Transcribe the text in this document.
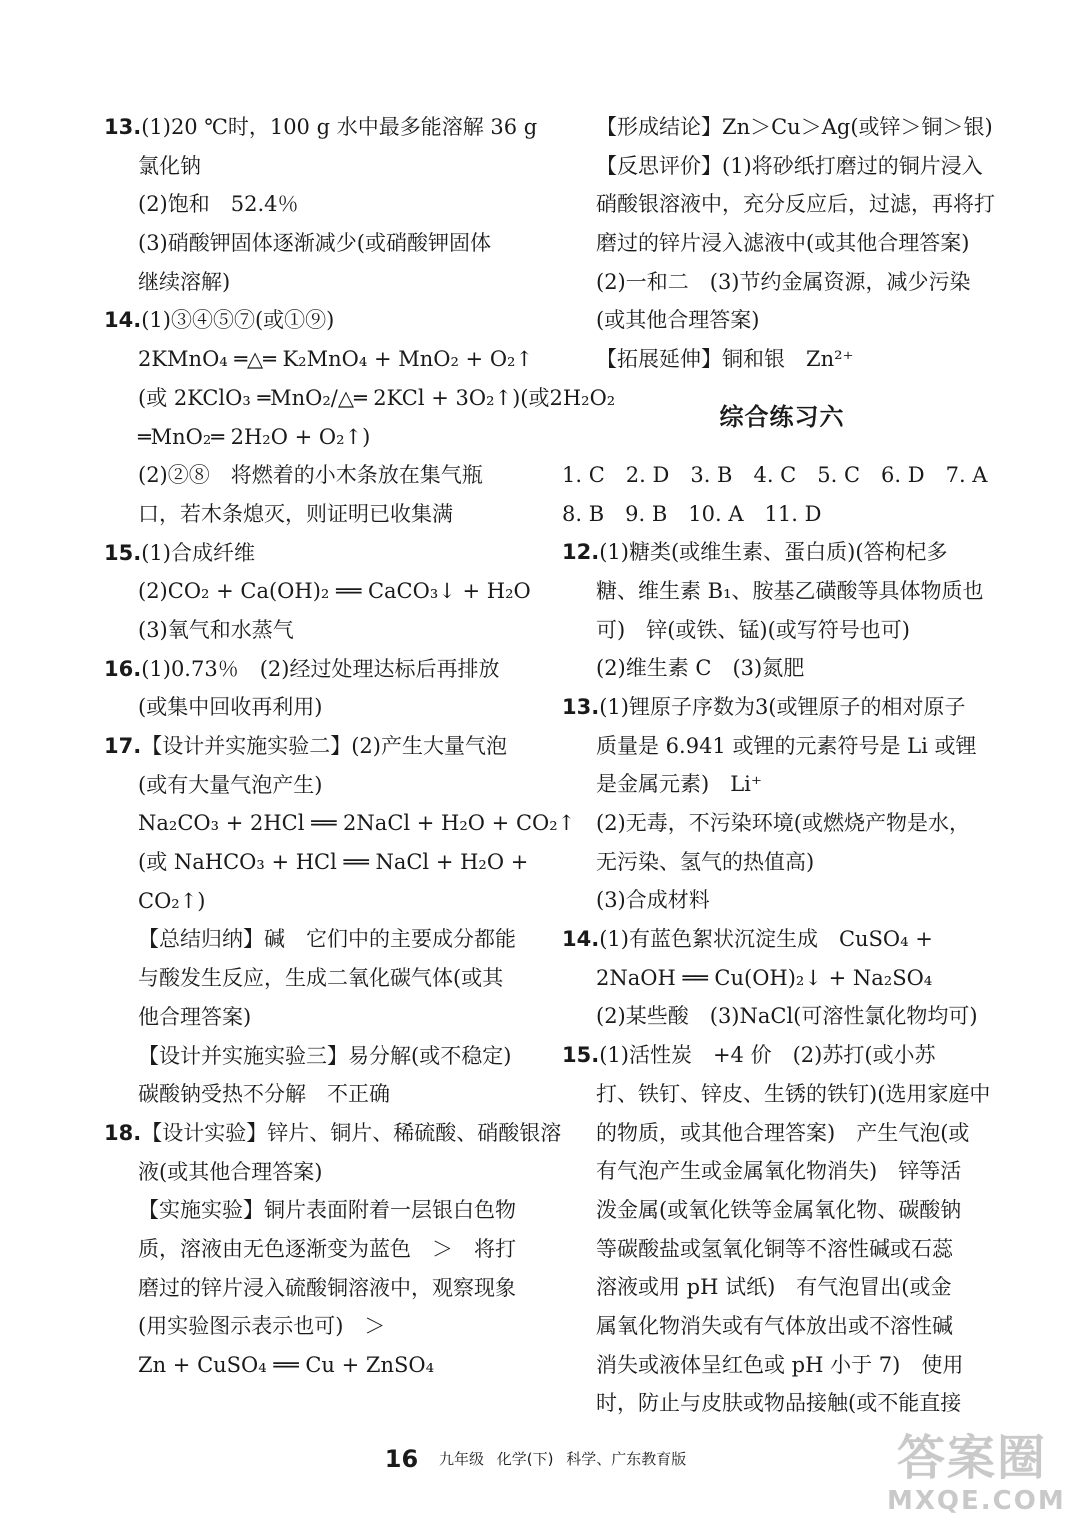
13.(1)20 ℃时，100 g 水中最多能溶解 36 g
氯化钠
(2)饱和　52.4％
(3)硝酸钾固体逐渐减少(或硝酸钾固体
继续溶解)
14.(1)③④⑤⑦(或①⑨)
2KMnO₄ ═△═ K₂MnO₄ + MnO₂ + O₂↑
(或 2KClO₃ ═MnO₂/△═ 2KCl + 3O₂↑)(或2H₂O₂
═MnO₂═ 2H₂O + O₂↑)
(2)②⑧　将燃着的小木条放在集气瓶
口，若木条熄灭，则证明已收集满
15.(1)合成纤维
(2)CO₂ + Ca(OH)₂ ══ CaCO₃↓ + H₂O
(3)氧气和水蒸气
16.(1)0.73％　(2)经过处理达标后再排放
(或集中回收再利用)
17.【设计并实施实验二】(2)产生大量气泡
(或有大量气泡产生)
Na₂CO₃ + 2HCl ══ 2NaCl + H₂O + CO₂↑
(或 NaHCO₃ + HCl ══ NaCl + H₂O +
CO₂↑)
【总结归纳】碱　它们中的主要成分都能
与酸发生反应，生成二氧化碳气体(或其
他合理答案)
【设计并实施实验三】易分解(或不稳定)
碳酸钠受热不分解　不正确
18.【设计实验】锌片、铜片、稀硫酸、硝酸银溶
液(或其他合理答案)
【实施实验】铜片表面附着一层银白色物
质，溶液由无色逐渐变为蓝色　＞　将打
磨过的锌片浸入硫酸铜溶液中，观察现象
(用实验图示表示也可)　＞
Zn + CuSO₄ ══ Cu + ZnSO₄
【形成结论】Zn＞Cu＞Ag(或锌＞铜＞银)
【反思评价】(1)将砂纸打磨过的铜片浸入
硝酸银溶液中，充分反应后，过滤，再将打
磨过的锌片浸入滤液中(或其他合理答案)
(2)一和二　(3)节约金属资源，减少污染
(或其他合理答案)
【拓展延伸】铜和银　Zn²⁺
综合练习六
1. C　2. D　3. B　4. C　5. C　6. D　7. A
8. B　9. B　10. A　11. D
12.(1)糖类(或维生素、蛋白质)(答枸杞多
糖、维生素 B₁、胺基乙磺酸等具体物质也
可)　锌(或铁、锰)(或写符号也可)
(2)维生素 C　(3)氮肥
13.(1)锂原子序数为3(或锂原子的相对原子
质量是 6.941 或锂的元素符号是 Li 或锂
是金属元素)　Li⁺
(2)无毒，不污染环境(或燃烧产物是水，
无污染、氢气的热值高)
(3)合成材料
14.(1)有蓝色絮状沉淀生成　CuSO₄ +
2NaOH ══ Cu(OH)₂↓ + Na₂SO₄
(2)某些酸　(3)NaCl(可溶性氯化物均可)
15.(1)活性炭　+4 价　(2)苏打(或小苏
打、铁钉、锌皮、生锈的铁钉)(选用家庭中
的物质，或其他合理答案)　产生气泡(或
有气泡产生或金属氧化物消失)　锌等活
泼金属(或氧化铁等金属氧化物、碳酸钠
等碳酸盐或氢氧化铜等不溶性碱或石蕊
溶液或用 pH 试纸)　有气泡冒出(或金
属氧化物消失或有气体放出或不溶性碱
消失或液体呈红色或 pH 小于 7)　使用
时，防止与皮肤或物品接触(或不能直接
16 九年级 化学(下) 科学、广东教育版	答案圈
MXQE.COM
